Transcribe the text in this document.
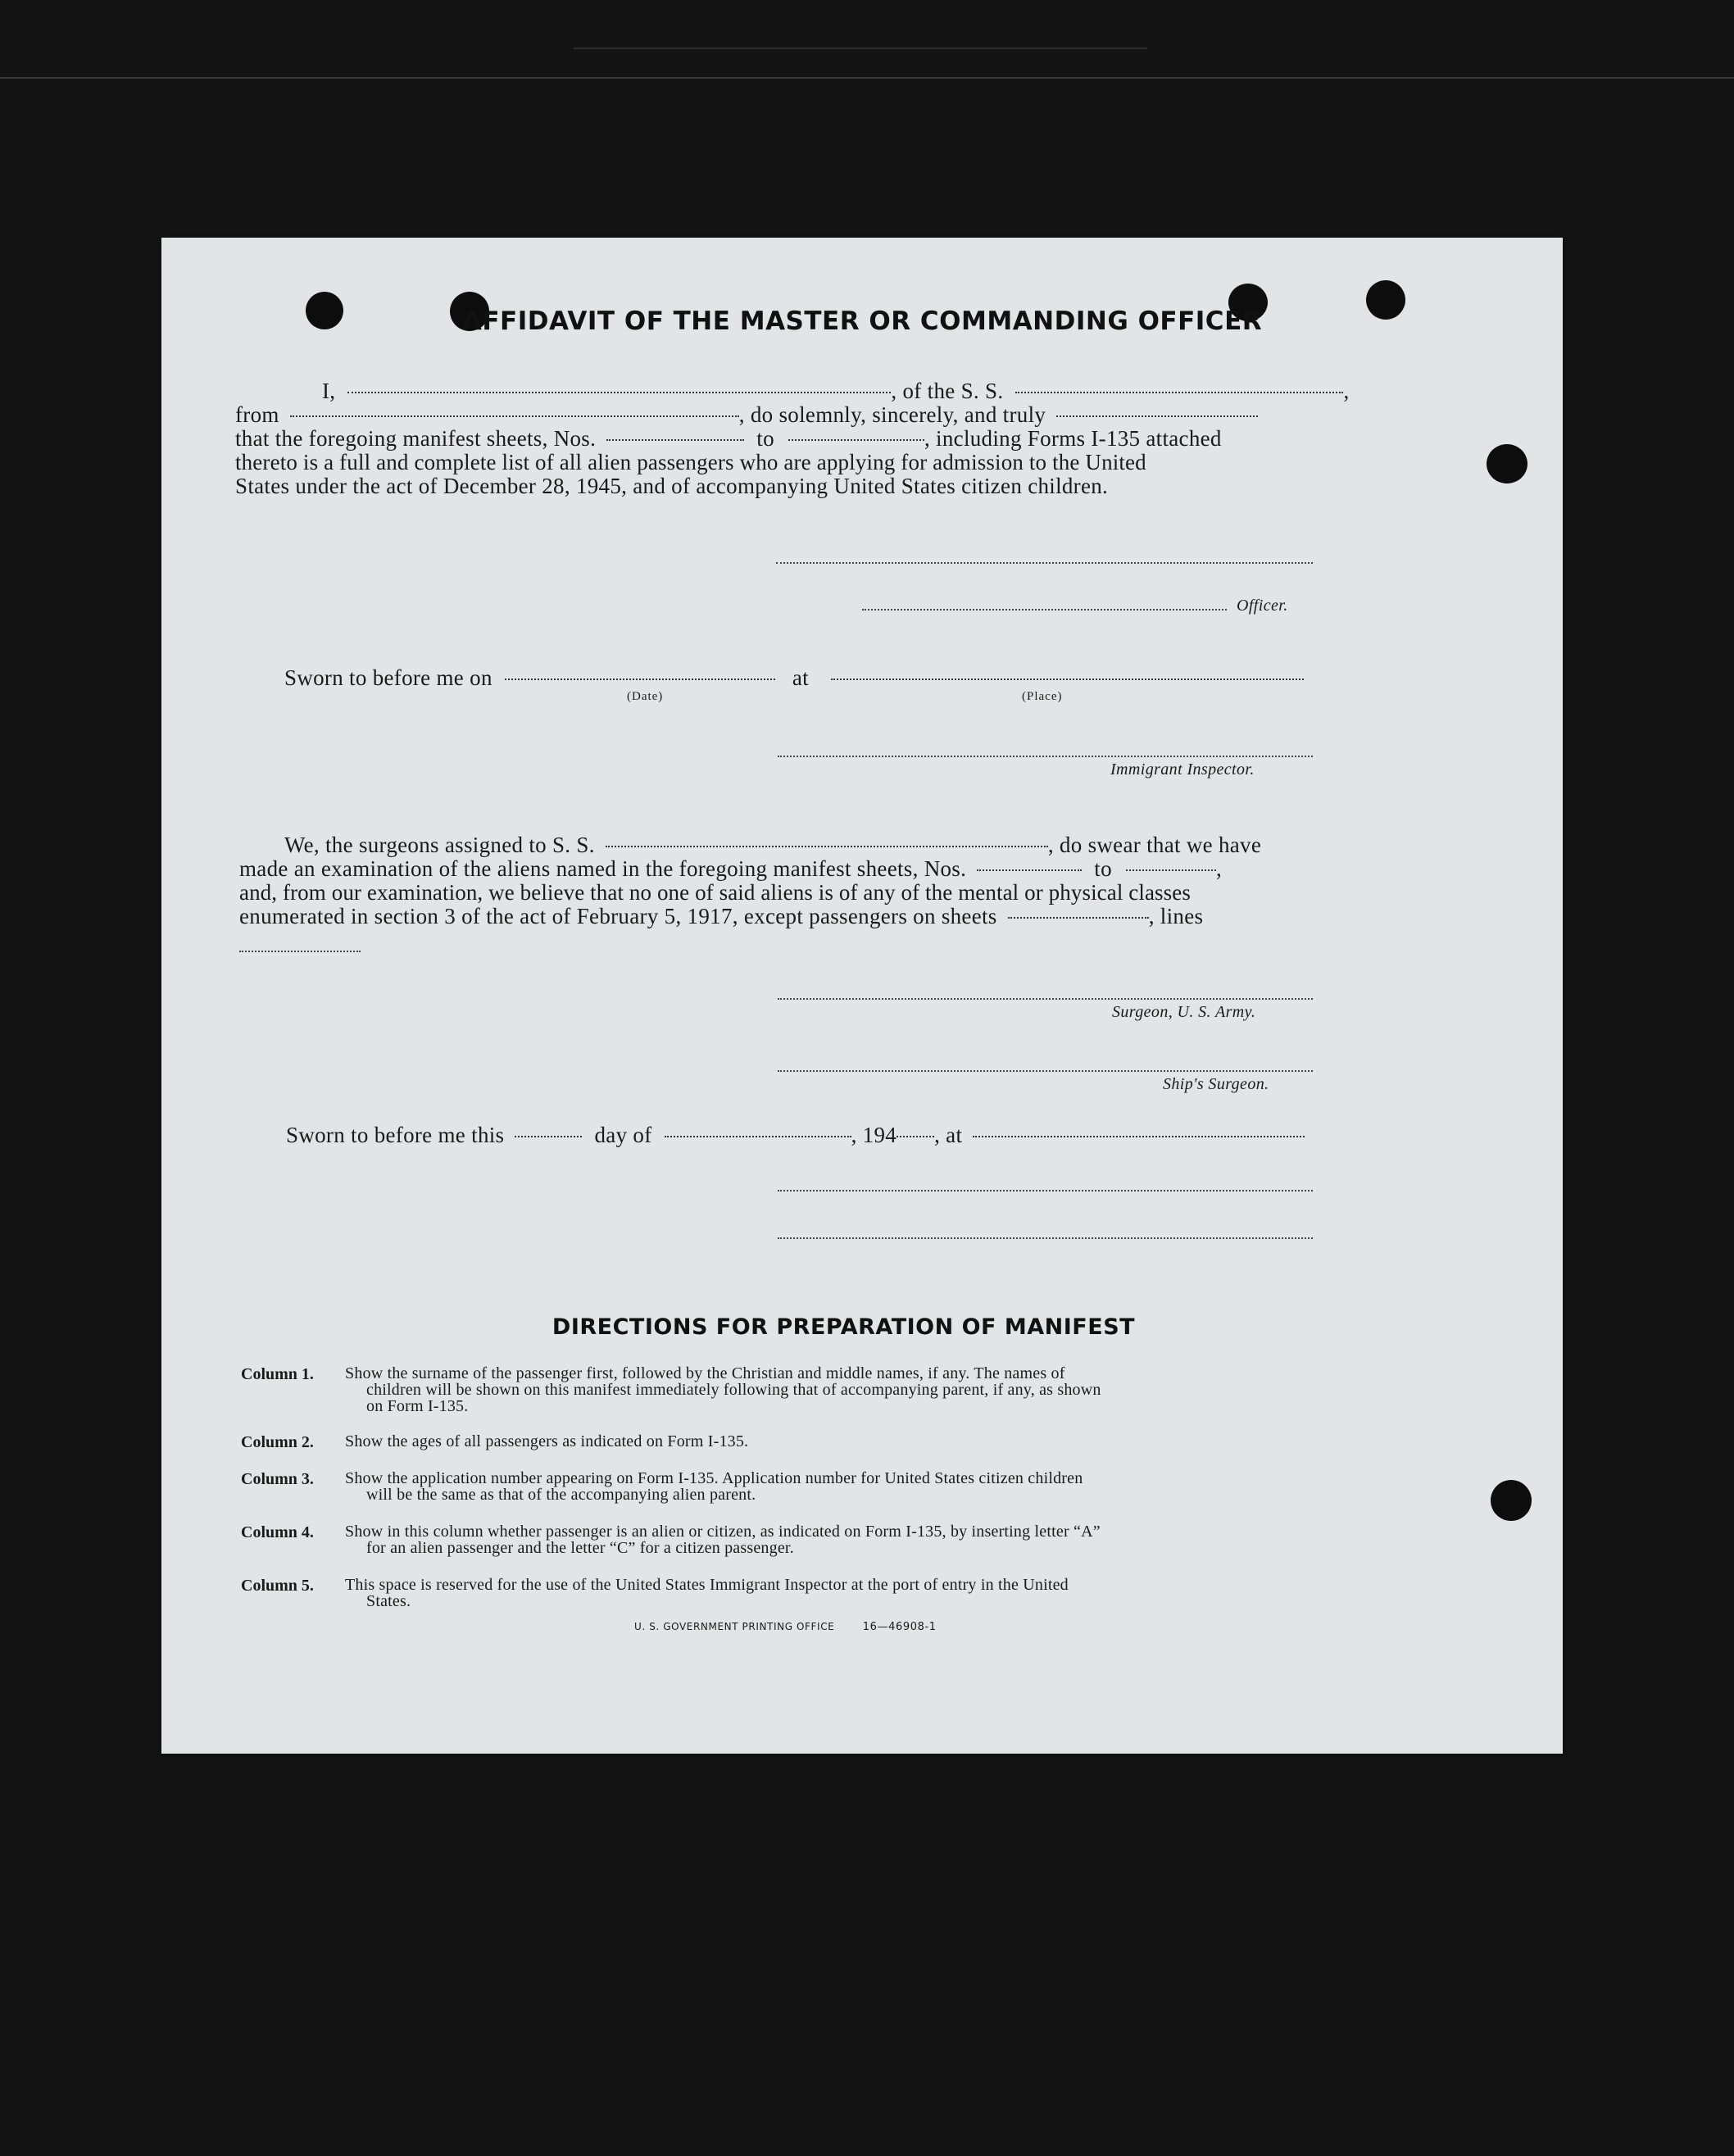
AFFIDAVIT OF THE MASTER OR COMMANDING OFFICER
I,	, of the S. S.	,
from	, do solemnly, sincerely, and truly
that the foregoing manifest sheets, Nos.	to	, including Forms I-135 attached
thereto is a full and complete list of all alien passengers who are applying for admission to the United
States under the act of December 28, 1945, and of accompanying United States citizen children.
Officer.
Sworn to before me on	at
(Date)	(Place)
Immigrant Inspector.
We, the surgeons assigned to S. S.	, do swear that we have
made an examination of the aliens named in the foregoing manifest sheets, Nos.	to	,
and, from our examination, we believe that no one of said aliens is of any of the mental or physical classes
enumerated in section 3 of the act of February 5, 1917, except passengers on sheets	, lines
Surgeon, U. S. Army.
Ship's Surgeon.
Sworn to before me this	day of	, 194 , at
DIRECTIONS FOR PREPARATION OF MANIFEST
Column 1. Show the surname of the passenger first, followed by the Christian and middle names, if any. The names of
children will be shown on this manifest immediately following that of accompanying parent, if any, as shown
on Form I-135.
Column 2. Show the ages of all passengers as indicated on Form I-135.
Column 3. Show the application number appearing on Form I-135. Application number for United States citizen children
will be the same as that of the accompanying alien parent.
Column 4. Show in this column whether passenger is an alien or citizen, as indicated on Form I-135, by inserting letter “A”
for an alien passenger and the letter “C” for a citizen passenger.
Column 5. This space is reserved for the use of the United States Immigrant Inspector at the port of entry in the United
States.
U. S. GOVERNMENT PRINTING OFFICE	16—46908-1
